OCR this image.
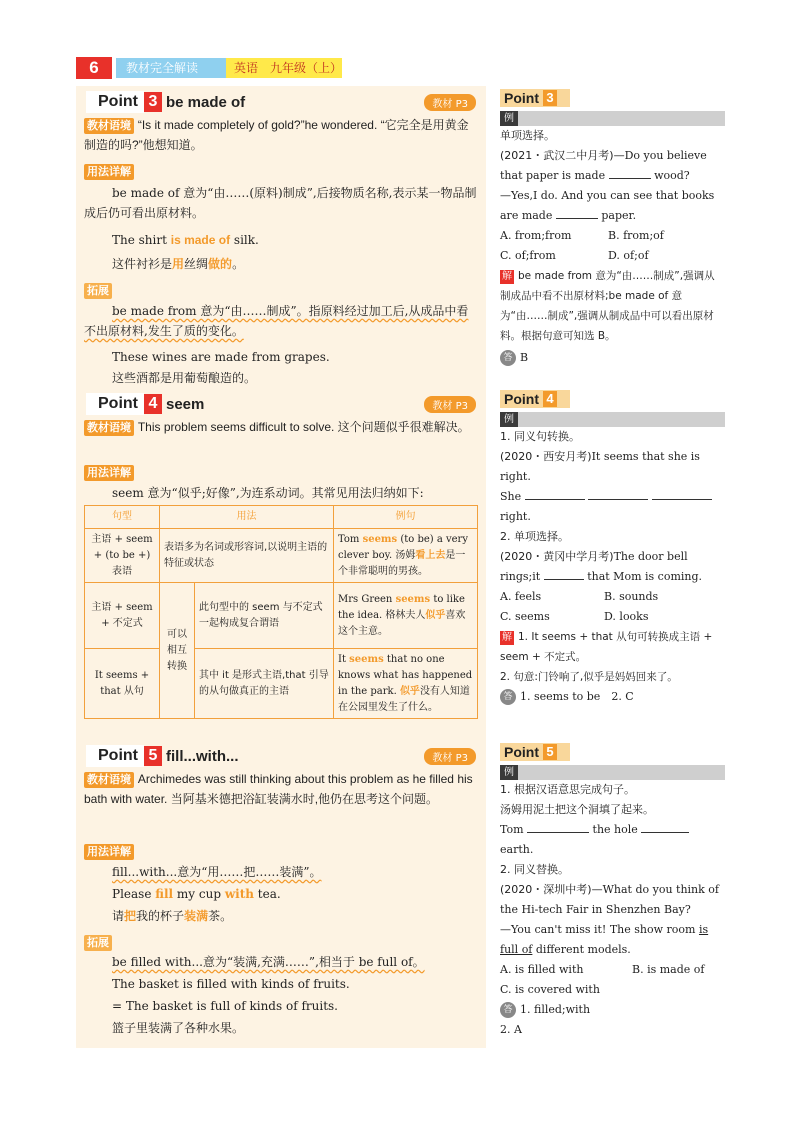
6	教材完全解读	英语　九年级（上）
Point 3 be made of	教材 P3
教材语境 “Is it made completely of gold?”he wondered. “它完全是用黄金制造的吗?”他想知道。
用法详解
be made of 意为“由……(原料)制成”,后接物质名称,表示某一物品制成后仍可看出原材料。
The shirt is made of silk.
这件衬衫是用丝绸做的。
拓展
be made from 意为“由……制成”。指原料经过加工后,从成品中看不出原材料,发生了质的变化。
These wines are made from grapes.
这些酒都是用葡萄酿造的。
Point 4 seem	教材 P3
教材语境 This problem seems difficult to solve. 这个问题似乎很难解决。
用法详解
seem 意为“似乎;好像”,为连系动词。其常见用法归纳如下:
句型	用法		例句
主语 + seem + (to be +)表语	表语多为名词或形容词,以说明主语的特征或状态		Tom seems (to be) a very clever boy. 汤姆看上去是一个非常聪明的男孩。
主语 + seem + 不定式	可以相互转换	此句型中的 seem 与不定式一起构成复合谓语	Mrs Green seems to like the idea. 格林夫人似乎喜欢这个主意。
It seems + that 从句		其中 it 是形式主语,that 引导的从句做真正的主语	It seems that no one knows what has happened in the park. 似乎没有人知道在公园里发生了什么。
Point 5 fill...with...	教材 P3
教材语境 Archimedes was still thinking about this problem as he filled his bath with water. 当阿基米德把浴缸装满水时,他仍在思考这个问题。
用法详解
fill...with...意为“用……把……装满”。
Please fill my cup with tea.
请把我的杯子装满茶。
拓展
be filled with...意为“装满,充满……”,相当于 be full of。
The basket is filled with kinds of fruits.
= The basket is full of kinds of fruits.
篮子里装满了各种水果。
Point 3
例
单项选择。
(2021・武汉二中月考)—Do you believe that paper is made	wood?
—Yes,I do. And you can see that books are made	paper.
A. from;from	B. from;of
C. of;from	D. of;of
解 be made from 意为“由……制成”,强调从制成品中看不出原材料;be made of 意为“由……制成”,强调从制成品中可以看出原材料。根据句意可知选 B。
答 B
Point 4
例
1. 同义句转换。
(2020・西安月考)It seems that she is right.
She
right.
2. 单项选择。
(2020・黄冈中学月考)The door bell rings;it	that Mom is coming.
A. feels	B. sounds
C. seems	D. looks
解 1. It seems + that 从句可转换成主语 + seem + 不定式。
2. 句意:门铃响了,似乎是妈妈回来了。
答 1. seems to be　2. C
Point 5
例
1. 根据汉语意思完成句子。
汤姆用泥土把这个洞填了起来。
Tom	the hole
earth.
2. 同义替换。
(2020・深圳中考)—What do you think of the Hi-tech Fair in Shenzhen Bay?
—You can't miss it! The show room is full of different models.
A. is filled with	B. is made of
C. is covered with
答 1. filled;with
2. A
